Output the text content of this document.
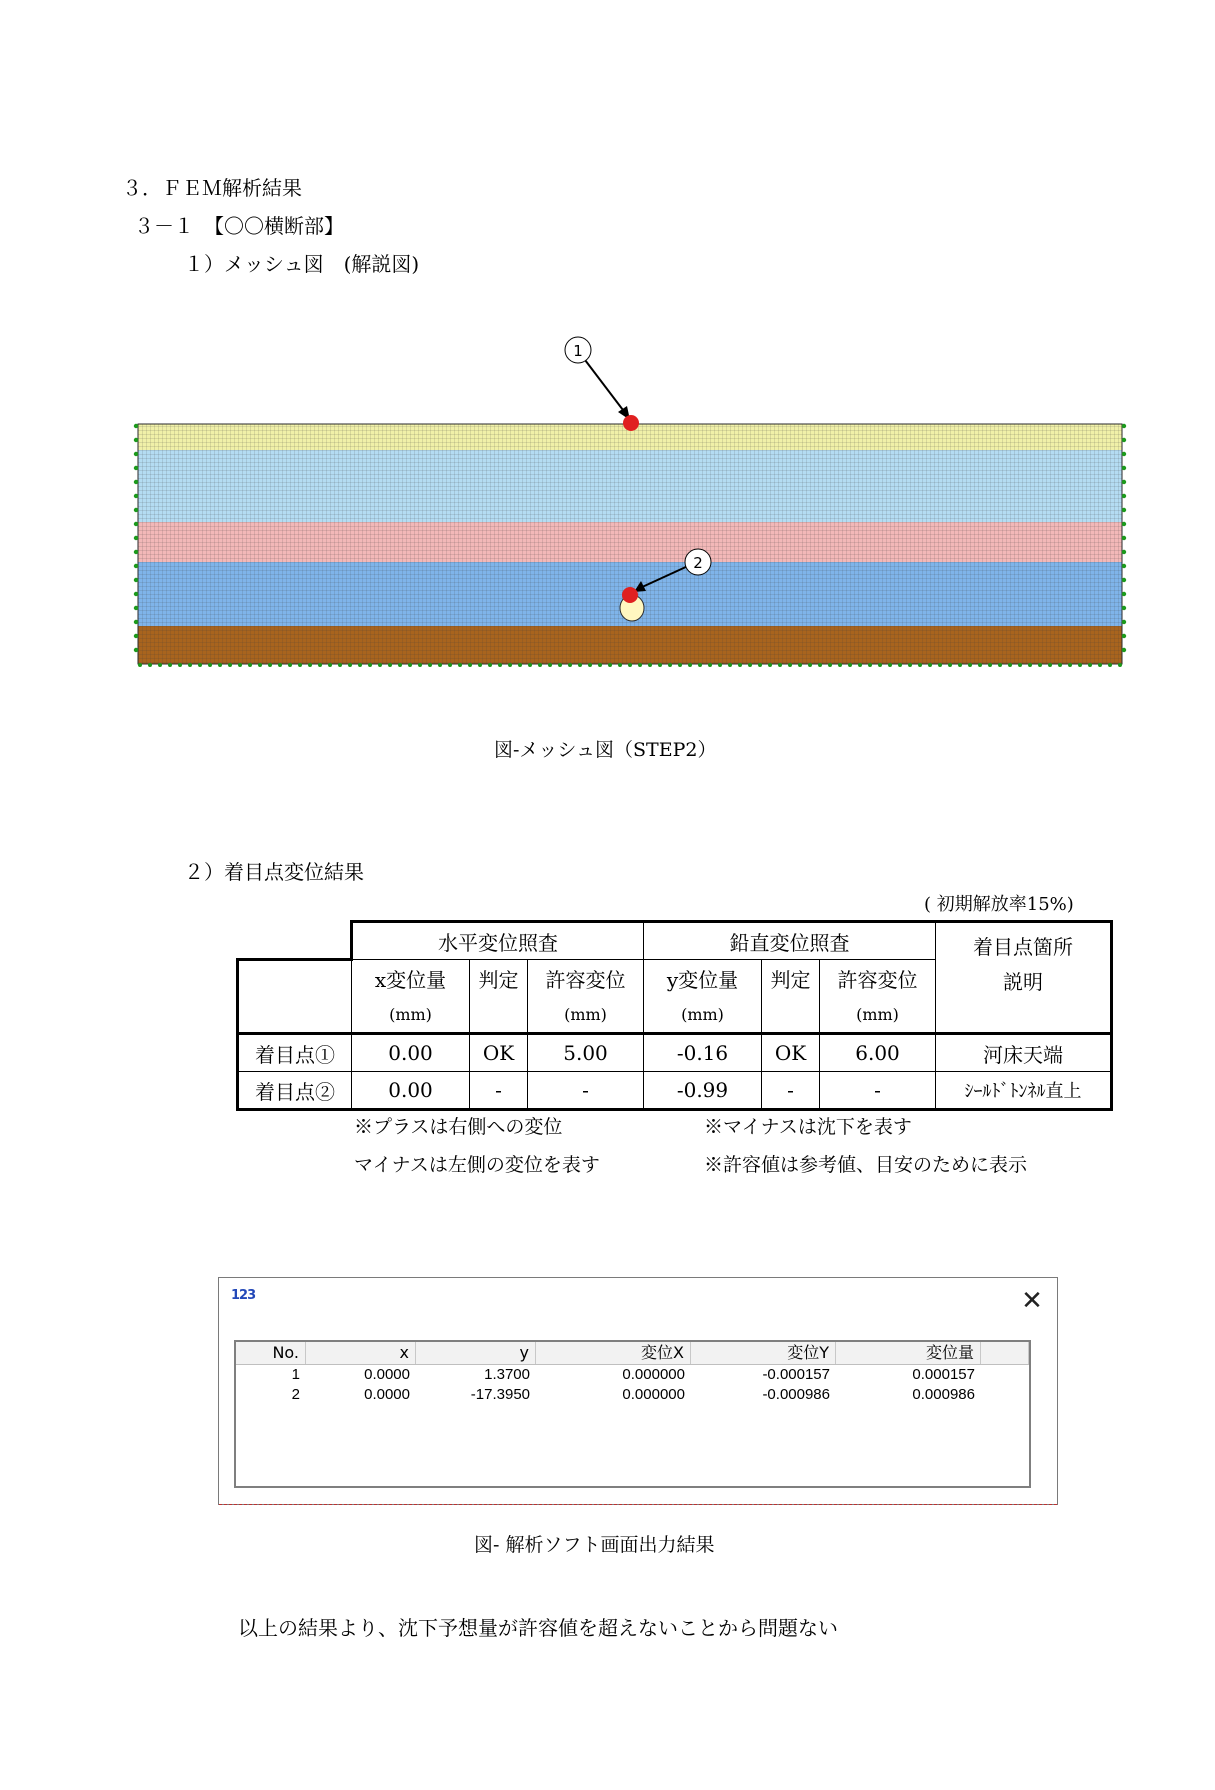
３．ＦＥＭ解析結果
３－１　【〇〇横断部】
１）メッシュ図　(解説図)
1
2
図-メッシュ図（STEP2）
２）着目点変位結果
( 初期解放率15%)
	水平変位照査			鉛直変位照査			着目点箇所
説明

	x変位量	判定	許容変位	y変位量	判定	許容変位	
	(mm)		(mm)	(mm)		(mm)	
着目点①	0.00	OK	5.00	-0.16	OK	6.00	河床天端
着目点②	0.00	-	-	-0.99	-	-	ｼｰﾙﾄﾞﾄﾝﾈﾙ直上
※プラスは右側への変位
マイナスは左側の変位を表す
※マイナスは沈下を表す
※許容値は参考値、目安のために表示
123	✕
No.	x	y	変位X	変位Y	変位量
1	0.0000	1.3700	0.000000	-0.000157	0.000157
2	0.0000	-17.3950	0.000000	-0.000986	0.000986
図- 解析ソフト画面出力結果
以上の結果より、沈下予想量が許容値を超えないことから問題ない
